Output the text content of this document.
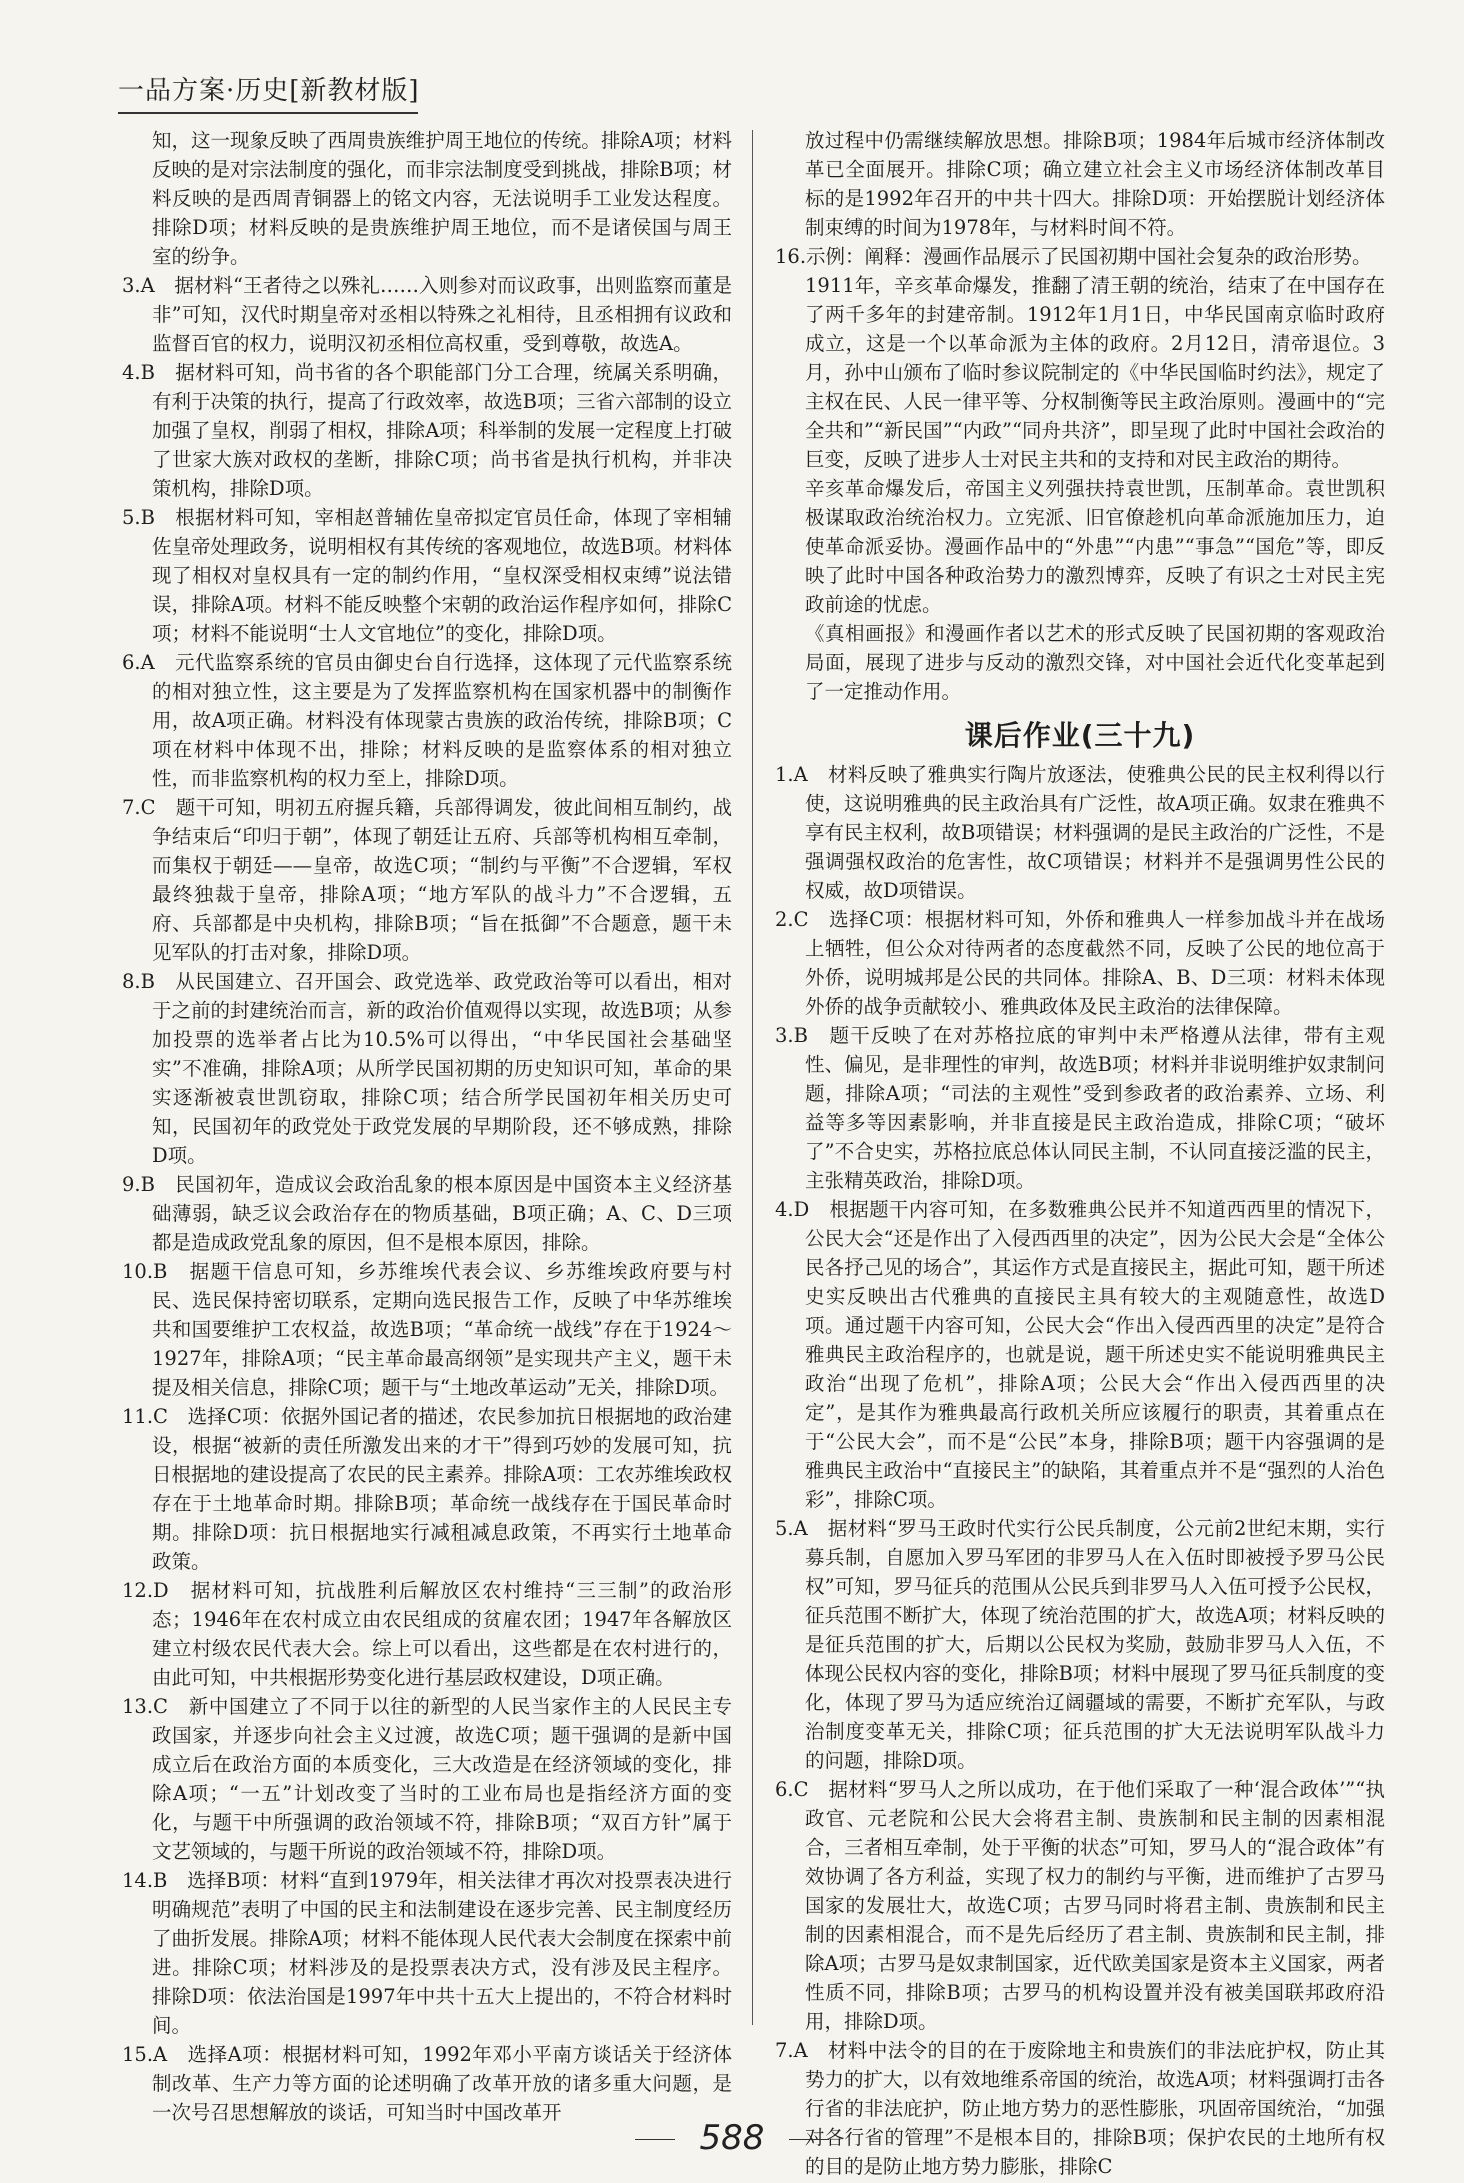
一品方案·历史[新教材版]

知，这一现象反映了西周贵族维护周王地位的传统。排除A项；材料反映的是对宗法制度的强化，而非宗法制度受到挑战，排除B项；材料反映的是西周青铜器上的铭文内容，无法说明手工业发达程度。排除D项；材料反映的是贵族维护周王地位，而不是诸侯国与周王室的纷争。

3.A　据材料“王者待之以殊礼……入则参对而议政事，出则监察而董是非”可知，汉代时期皇帝对丞相以特殊之礼相待，且丞相拥有议政和监督百官的权力，说明汉初丞相位高权重，受到尊敬，故选A。

4.B　据材料可知，尚书省的各个职能部门分工合理，统属关系明确，有利于决策的执行，提高了行政效率，故选B项；三省六部制的设立加强了皇权，削弱了相权，排除A项；科举制的发展一定程度上打破了世家大族对政权的垄断，排除C项；尚书省是执行机构，并非决策机构，排除D项。

5.B　根据材料可知，宰相赵普辅佐皇帝拟定官员任命，体现了宰相辅佐皇帝处理政务，说明相权有其传统的客观地位，故选B项。材料体现了相权对皇权具有一定的制约作用，“皇权深受相权束缚”说法错误，排除A项。材料不能反映整个宋朝的政治运作程序如何，排除C项；材料不能说明“士人文官地位”的变化，排除D项。

6.A　元代监察系统的官员由御史台自行选择，这体现了元代监察系统的相对独立性，这主要是为了发挥监察机构在国家机器中的制衡作用，故A项正确。材料没有体现蒙古贵族的政治传统，排除B项；C项在材料中体现不出，排除；材料反映的是监察体系的相对独立性，而非监察机构的权力至上，排除D项。

7.C　题干可知，明初五府握兵籍，兵部得调发，彼此间相互制约，战争结束后“印归于朝”，体现了朝廷让五府、兵部等机构相互牵制，而集权于朝廷——皇帝，故选C项；“制约与平衡”不合逻辑，军权最终独裁于皇帝，排除A项；“地方军队的战斗力”不合逻辑，五府、兵部都是中央机构，排除B项；“旨在抵御”不合题意，题干未见军队的打击对象，排除D项。

8.B　从民国建立、召开国会、政党选举、政党政治等可以看出，相对于之前的封建统治而言，新的政治价值观得以实现，故选B项；从参加投票的选举者占比为10.5%可以得出，“中华民国社会基础坚实”不准确，排除A项；从所学民国初期的历史知识可知，革命的果实逐渐被袁世凯窃取，排除C项；结合所学民国初年相关历史可知，民国初年的政党处于政党发展的早期阶段，还不够成熟，排除D项。

9.B　民国初年，造成议会政治乱象的根本原因是中国资本主义经济基础薄弱，缺乏议会政治存在的物质基础，B项正确；A、C、D三项都是造成政党乱象的原因，但不是根本原因，排除。

10.B　据题干信息可知，乡苏维埃代表会议、乡苏维埃政府要与村民、选民保持密切联系，定期向选民报告工作，反映了中华苏维埃共和国要维护工农权益，故选B项；“革命统一战线”存在于1924～1927年，排除A项；“民主革命最高纲领”是实现共产主义，题干未提及相关信息，排除C项；题干与“土地改革运动”无关，排除D项。

11.C　选择C项：依据外国记者的描述，农民参加抗日根据地的政治建设，根据“被新的责任所激发出来的才干”得到巧妙的发展可知，抗日根据地的建设提高了农民的民主素养。排除A项：工农苏维埃政权存在于土地革命时期。排除B项；革命统一战线存在于国民革命时期。排除D项：抗日根据地实行减租减息政策，不再实行土地革命政策。

12.D　据材料可知，抗战胜利后解放区农村维持“三三制”的政治形态；1946年在农村成立由农民组成的贫雇农团；1947年各解放区建立村级农民代表大会。综上可以看出，这些都是在农村进行的，由此可知，中共根据形势变化进行基层政权建设，D项正确。

13.C　新中国建立了不同于以往的新型的人民当家作主的人民民主专政国家，并逐步向社会主义过渡，故选C项；题干强调的是新中国成立后在政治方面的本质变化，三大改造是在经济领域的变化，排除A项；“一五”计划改变了当时的工业布局也是指经济方面的变化，与题干中所强调的政治领域不符，排除B项；“双百方针”属于文艺领域的，与题干所说的政治领域不符，排除D项。

14.B　选择B项：材料“直到1979年，相关法律才再次对投票表决进行明确规范”表明了中国的民主和法制建设在逐步完善、民主制度经历了曲折发展。排除A项；材料不能体现人民代表大会制度在探索中前进。排除C项；材料涉及的是投票表决方式，没有涉及民主程序。排除D项：依法治国是1997年中共十五大上提出的，不符合材料时间。

15.A　选择A项：根据材料可知，1992年邓小平南方谈话关于经济体制改革、生产力等方面的论述明确了改革开放的诸多重大问题，是一次号召思想解放的谈话，可知当时中国改革开

放过程中仍需继续解放思想。排除B项；1984年后城市经济体制改革已全面展开。排除C项；确立建立社会主义市场经济体制改革目标的是1992年召开的中共十四大。排除D项：开始摆脱计划经济体制束缚的时间为1978年，与材料时间不符。

16.示例：阐释：漫画作品展示了民国初期中国社会复杂的政治形势。

1911年，辛亥革命爆发，推翻了清王朝的统治，结束了在中国存在了两千多年的封建帝制。1912年1月1日，中华民国南京临时政府成立，这是一个以革命派为主体的政府。2月12日，清帝退位。3月，孙中山颁布了临时参议院制定的《中华民国临时约法》，规定了主权在民、人民一律平等、分权制衡等民主政治原则。漫画中的“完全共和”“新民国”“内政”“同舟共济”，即呈现了此时中国社会政治的巨变，反映了进步人士对民主共和的支持和对民主政治的期待。

辛亥革命爆发后，帝国主义列强扶持袁世凯，压制革命。袁世凯积极谋取政治统治权力。立宪派、旧官僚趁机向革命派施加压力，迫使革命派妥协。漫画作品中的“外患”“内患”“事急”“国危”等，即反映了此时中国各种政治势力的激烈博弈，反映了有识之士对民主宪政前途的忧虑。

《真相画报》和漫画作者以艺术的形式反映了民国初期的客观政治局面，展现了进步与反动的激烈交锋，对中国社会近代化变革起到了一定推动作用。

课后作业(三十九)

1.A　材料反映了雅典实行陶片放逐法，使雅典公民的民主权利得以行使，这说明雅典的民主政治具有广泛性，故A项正确。奴隶在雅典不享有民主权利，故B项错误；材料强调的是民主政治的广泛性，不是强调强权政治的危害性，故C项错误；材料并不是强调男性公民的权威，故D项错误。

2.C　选择C项：根据材料可知，外侨和雅典人一样参加战斗并在战场上牺牲，但公众对待两者的态度截然不同，反映了公民的地位高于外侨，说明城邦是公民的共同体。排除A、B、D三项：材料未体现外侨的战争贡献较小、雅典政体及民主政治的法律保障。

3.B　题干反映了在对苏格拉底的审判中未严格遵从法律，带有主观性、偏见，是非理性的审判，故选B项；材料并非说明维护奴隶制问题，排除A项；“司法的主观性”受到参政者的政治素养、立场、利益等多等因素影响，并非直接是民主政治造成，排除C项；“破坏了”不合史实，苏格拉底总体认同民主制，不认同直接泛滥的民主，主张精英政治，排除D项。

4.D　根据题干内容可知，在多数雅典公民并不知道西西里的情况下，公民大会“还是作出了入侵西西里的决定”，因为公民大会是“全体公民各抒己见的场合”，其运作方式是直接民主，据此可知，题干所述史实反映出古代雅典的直接民主具有较大的主观随意性，故选D项。通过题干内容可知，公民大会“作出入侵西西里的决定”是符合雅典民主政治程序的，也就是说，题干所述史实不能说明雅典民主政治“出现了危机”，排除A项；公民大会“作出入侵西西里的决定”，是其作为雅典最高行政机关所应该履行的职责，其着重点在于“公民大会”，而不是“公民”本身，排除B项；题干内容强调的是雅典民主政治中“直接民主”的缺陷，其着重点并不是“强烈的人治色彩”，排除C项。

5.A　据材料“罗马王政时代实行公民兵制度，公元前2世纪末期，实行募兵制，自愿加入罗马军团的非罗马人在入伍时即被授予罗马公民权”可知，罗马征兵的范围从公民兵到非罗马人入伍可授予公民权，征兵范围不断扩大，体现了统治范围的扩大，故选A项；材料反映的是征兵范围的扩大，后期以公民权为奖励，鼓励非罗马人入伍，不体现公民权内容的变化，排除B项；材料中展现了罗马征兵制度的变化，体现了罗马为适应统治辽阔疆域的需要，不断扩充军队，与政治制度变革无关，排除C项；征兵范围的扩大无法说明军队战斗力的问题，排除D项。

6.C　据材料“罗马人之所以成功，在于他们采取了一种‘混合政体’”“执政官、元老院和公民大会将君主制、贵族制和民主制的因素相混合，三者相互牵制，处于平衡的状态”可知，罗马人的“混合政体”有效协调了各方利益，实现了权力的制约与平衡，进而维护了古罗马国家的发展壮大，故选C项；古罗马同时将君主制、贵族制和民主制的因素相混合，而不是先后经历了君主制、贵族制和民主制，排除A项；古罗马是奴隶制国家，近代欧美国家是资本主义国家，两者性质不同，排除B项；古罗马的机构设置并没有被美国联邦政府沿用，排除D项。

7.A　材料中法令的目的在于废除地主和贵族们的非法庇护权，防止其势力的扩大，以有效地维系帝国的统治，故选A项；材料强调打击各行省的非法庇护，防止地方势力的恶性膨胀，巩固帝国统治，“加强对各行省的管理”不是根本目的，排除B项；保护农民的土地所有权的目的是防止地方势力膨胀，排除C

588
